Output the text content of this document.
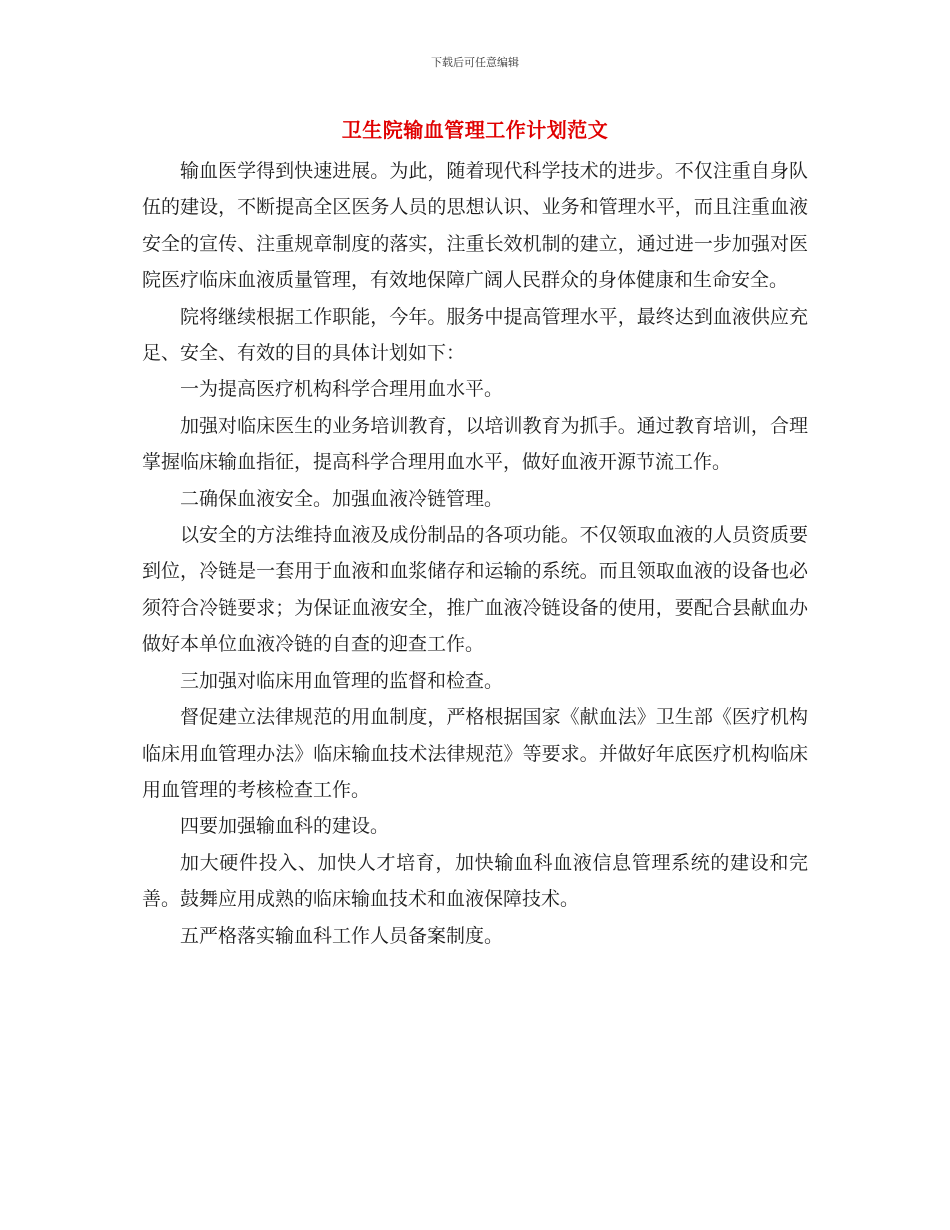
下载后可任意编辑
卫生院输血管理工作计划范文

输血医学得到快速进展。为此，随着现代科学技术的进步。不仅注重自身队伍的建设，不断提高全区医务人员的思想认识、业务和管理水平，而且注重血液安全的宣传、注重规章制度的落实，注重长效机制的建立，通过进一步加强对医院医疗临床血液质量管理，有效地保障广阔人民群众的身体健康和生命安全。

院将继续根据工作职能，今年。服务中提高管理水平，最终达到血液供应充足、安全、有效的目的具体计划如下：

一为提高医疗机构科学合理用血水平。

加强对临床医生的业务培训教育，以培训教育为抓手。通过教育培训，合理掌握临床输血指征，提高科学合理用血水平，做好血液开源节流工作。

二确保血液安全。加强血液冷链管理。

以安全的方法维持血液及成份制品的各项功能。不仅领取血液的人员资质要到位，冷链是一套用于血液和血浆储存和运输的系统。而且领取血液的设备也必须符合冷链要求；为保证血液安全，推广血液冷链设备的使用，要配合县献血办做好本单位血液冷链的自查的迎查工作。

三加强对临床用血管理的监督和检查。

督促建立法律规范的用血制度，严格根据国家《献血法》卫生部《医疗机构临床用血管理办法》临床输血技术法律规范》等要求。并做好年底医疗机构临床用血管理的考核检查工作。

四要加强输血科的建设。

加大硬件投入、加快人才培育，加快输血科血液信息管理系统的建设和完善。鼓舞应用成熟的临床输血技术和血液保障技术。

五严格落实输血科工作人员备案制度。
